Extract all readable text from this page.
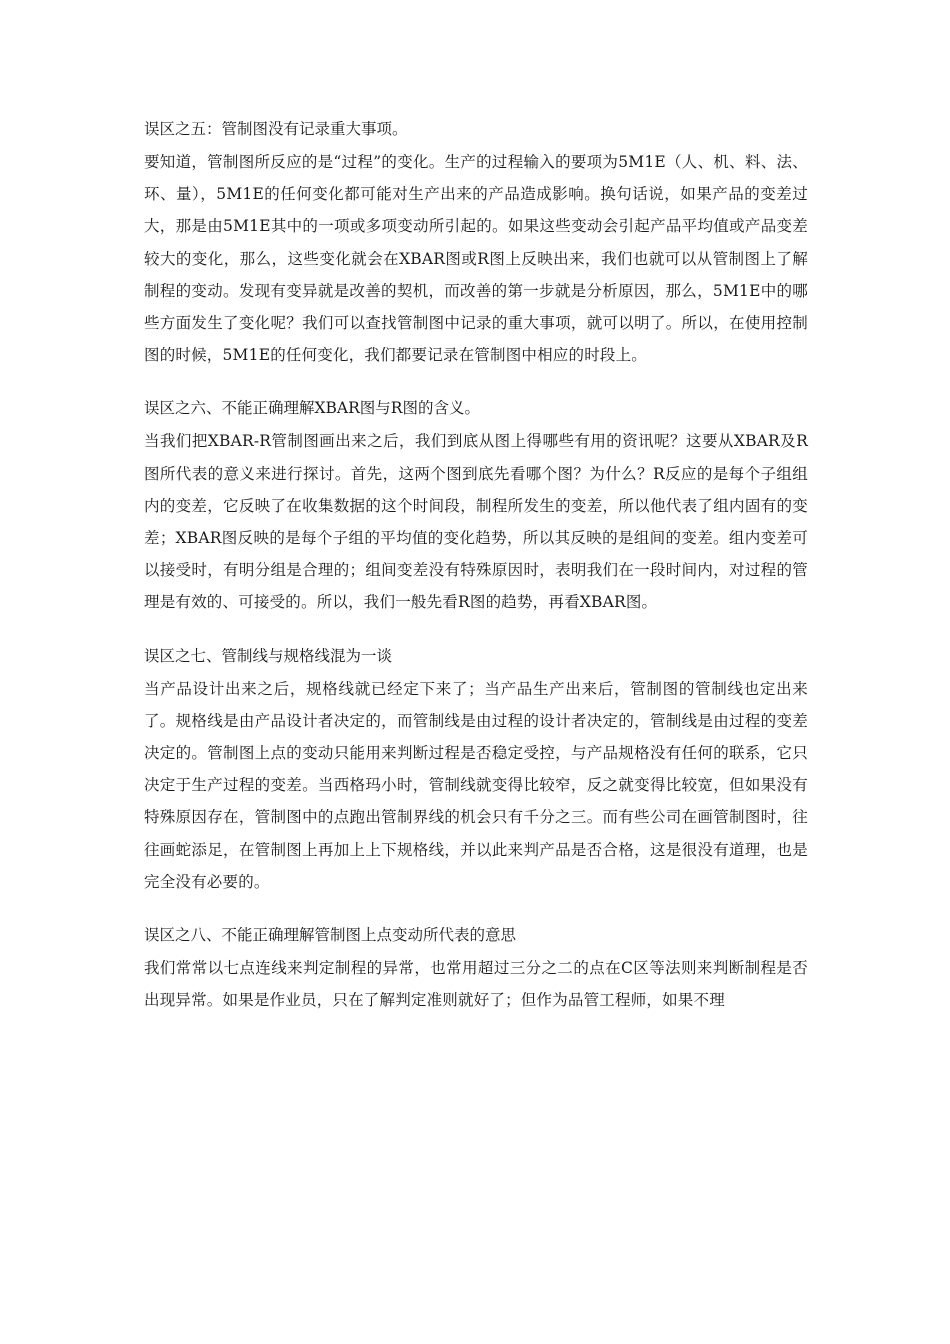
误区之五：管制图没有记录重大事项。

要知道，管制图所反应的是“过程”的变化。生产的过程输入的要项为5M1E（人、机、料、法、环、量），5M1E的任何变化都可能对生产出来的产品造成影响。换句话说，如果产品的变差过大，那是由5M1E其中的一项或多项变动所引起的。如果这些变动会引起产品平均值或产品变差较大的变化，那么，这些变化就会在XBAR图或R图上反映出来，我们也就可以从管制图上了解制程的变动。发现有变异就是改善的契机，而改善的第一步就是分析原因，那么，5M1E中的哪些方面发生了变化呢？我们可以查找管制图中记录的重大事项，就可以明了。所以，在使用控制图的时候，5M1E的任何变化，我们都要记录在管制图中相应的时段上。

误区之六、不能正确理解XBAR图与R图的含义。

当我们把XBAR-R管制图画出来之后，我们到底从图上得哪些有用的资讯呢？这要从XBAR及R图所代表的意义来进行探讨。首先，这两个图到底先看哪个图？为什么？R反应的是每个子组组内的变差，它反映了在收集数据的这个时间段，制程所发生的变差，所以他代表了组内固有的变差；XBAR图反映的是每个子组的平均值的变化趋势，所以其反映的是组间的变差。组内变差可以接受时，有明分组是合理的；组间变差没有特殊原因时，表明我们在一段时间内，对过程的管理是有效的、可接受的。所以，我们一般先看R图的趋势，再看XBAR图。

误区之七、管制线与规格线混为一谈

当产品设计出来之后，规格线就已经定下来了；当产品生产出来后，管制图的管制线也定出来了。规格线是由产品设计者决定的，而管制线是由过程的设计者决定的，管制线是由过程的变差决定的。管制图上点的变动只能用来判断过程是否稳定受控，与产品规格没有任何的联系，它只决定于生产过程的变差。当西格玛小时，管制线就变得比较窄，反之就变得比较宽，但如果没有特殊原因存在，管制图中的点跑出管制界线的机会只有千分之三。而有些公司在画管制图时，往往画蛇添足，在管制图上再加上上下规格线，并以此来判产品是否合格，这是很没有道理，也是完全没有必要的。

误区之八、不能正确理解管制图上点变动所代表的意思

我们常常以七点连线来判定制程的异常，也常用超过三分之二的点在C区等法则来判断制程是否出现异常。如果是作业员，只在了解判定准则就好了；但作为品管工程师，如果不理
